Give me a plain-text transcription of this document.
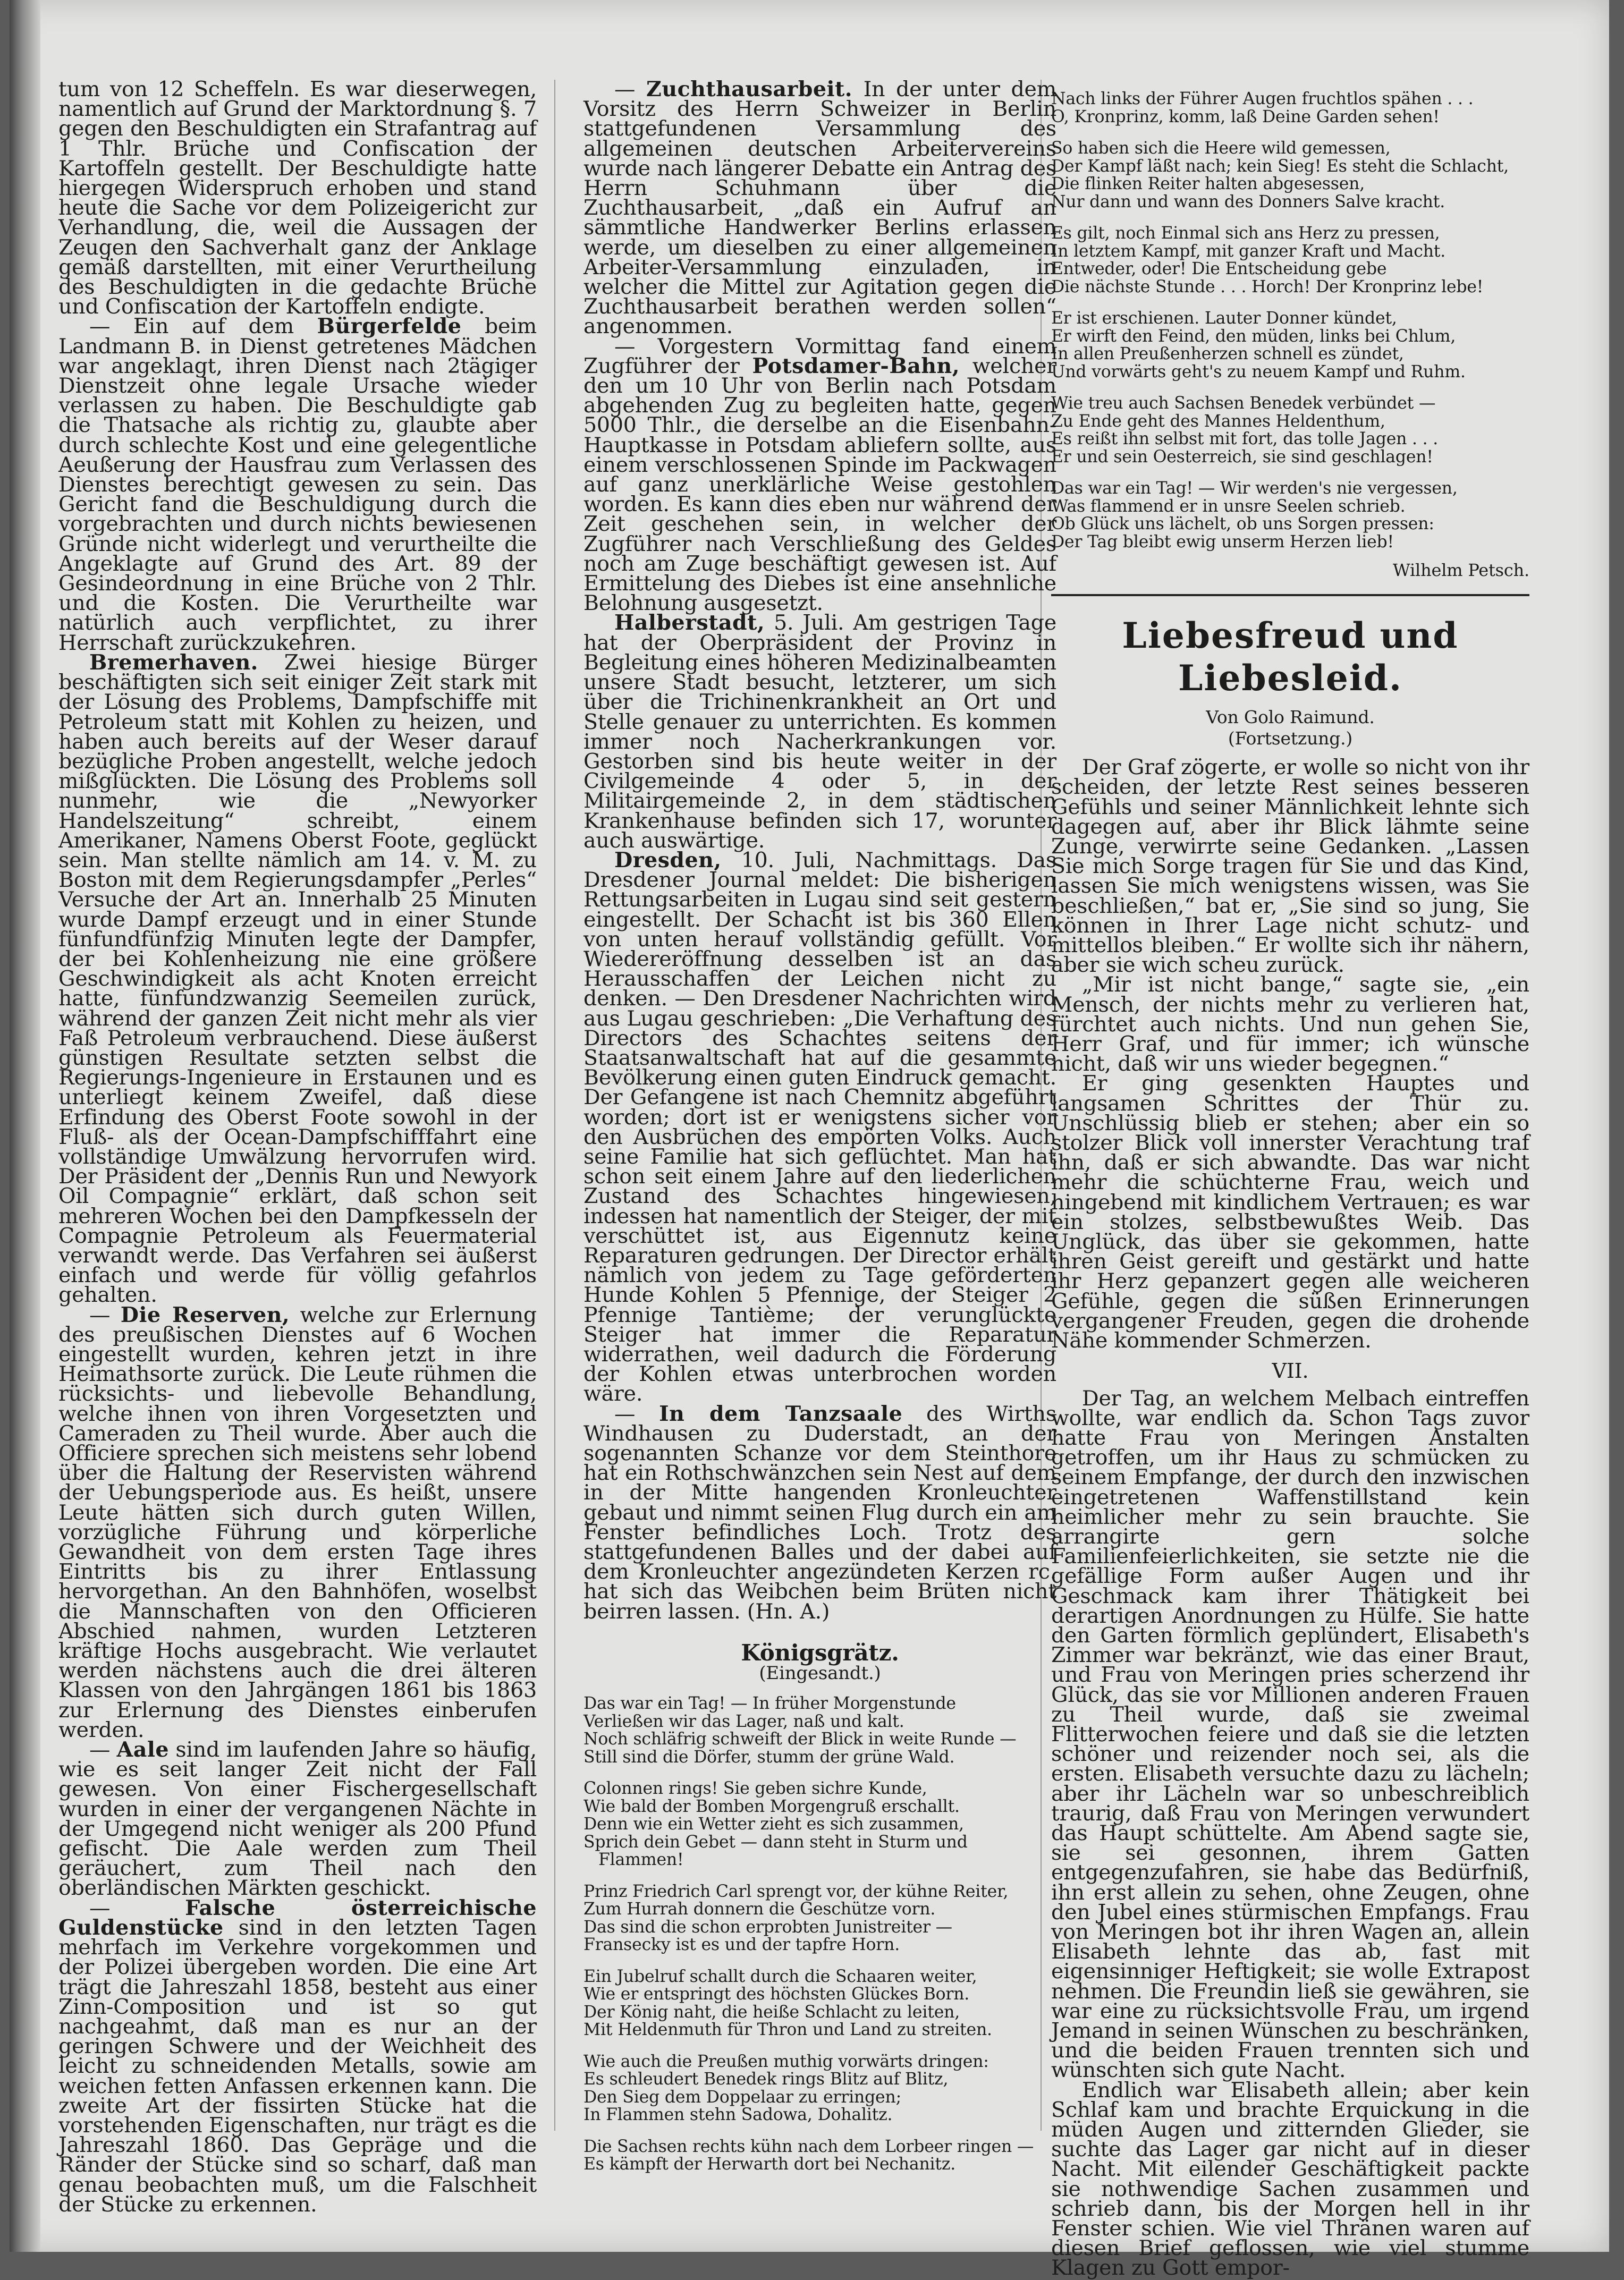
tum von 12 Scheffeln. Es war dieserwegen, namentlich auf Grund der Marktordnung §. 7 gegen den Beschuldigten ein Strafantrag auf 1 Thlr. Brüche und Confiscation der Kartoffeln gestellt. Der Beschuldigte hatte hiergegen Widerspruch erhoben und stand heute die Sache vor dem Polizeigericht zur Verhandlung, die, weil die Aussagen der Zeugen den Sachverhalt ganz der Anklage gemäß darstellten, mit einer Verurtheilung des Beschuldigten in die gedachte Brüche und Confiscation der Kartoffeln endigte.

— Ein auf dem Bürgerfelde beim Landmann B. in Dienst getretenes Mädchen war angeklagt, ihren Dienst nach 2tägiger Dienstzeit ohne legale Ursache wieder verlassen zu haben. Die Beschuldigte gab die Thatsache als richtig zu, glaubte aber durch schlechte Kost und eine gelegentliche Aeußerung der Hausfrau zum Verlassen des Dienstes berechtigt gewesen zu sein. Das Gericht fand die Beschuldigung durch die vorgebrachten und durch nichts bewiesenen Gründe nicht widerlegt und verurtheilte die Angeklagte auf Grund des Art. 89 der Gesindeordnung in eine Brüche von 2 Thlr. und die Kosten. Die Verurtheilte war natürlich auch verpflichtet, zu ihrer Herrschaft zurückzukehren.

Bremerhaven. Zwei hiesige Bürger beschäftigten sich seit einiger Zeit stark mit der Lösung des Problems, Dampfschiffe mit Petroleum statt mit Kohlen zu heizen, und haben auch bereits auf der Weser darauf bezügliche Proben angestellt, welche jedoch mißglückten. Die Lösung des Problems soll nunmehr, wie die „Newyorker Handelszeitung“ schreibt, einem Amerikaner, Namens Oberst Foote, geglückt sein. Man stellte nämlich am 14. v. M. zu Boston mit dem Regierungsdampfer „Perles“ Versuche der Art an. Innerhalb 25 Minuten wurde Dampf erzeugt und in einer Stunde fünfundfünfzig Minuten legte der Dampfer, der bei Kohlenheizung nie eine größere Geschwindigkeit als acht Knoten erreicht hatte, fünfundzwanzig Seemeilen zurück, während der ganzen Zeit nicht mehr als vier Faß Petroleum verbrauchend. Diese äußerst günstigen Resultate setzten selbst die Regierungs-Ingenieure in Erstaunen und es unterliegt keinem Zweifel, daß diese Erfindung des Oberst Foote sowohl in der Fluß- als der Ocean-Dampfschifffahrt eine vollständige Umwälzung hervorrufen wird. Der Präsident der „Dennis Run und Newyork Oil Compagnie“ erklärt, daß schon seit mehreren Wochen bei den Dampfkesseln der Compagnie Petroleum als Feuermaterial verwandt werde. Das Verfahren sei äußerst einfach und werde für völlig gefahrlos gehalten.

— Die Reserven, welche zur Erlernung des preußischen Dienstes auf 6 Wochen eingestellt wurden, kehren jetzt in ihre Heimathsorte zurück. Die Leute rühmen die rücksichts- und liebevolle Behandlung, welche ihnen von ihren Vorgesetzten und Cameraden zu Theil wurde. Aber auch die Officiere sprechen sich meistens sehr lobend über die Haltung der Reservisten während der Uebungsperiode aus. Es heißt, unsere Leute hätten sich durch guten Willen, vorzügliche Führung und körperliche Gewandheit von dem ersten Tage ihres Eintritts bis zu ihrer Entlassung hervorgethan. An den Bahnhöfen, woselbst die Mannschaften von den Officieren Abschied nahmen, wurden Letzteren kräftige Hochs ausgebracht. Wie verlautet werden nächstens auch die drei älteren Klassen von den Jahrgängen 1861 bis 1863 zur Erlernung des Dienstes einberufen werden.

— Aale sind im laufenden Jahre so häufig, wie es seit langer Zeit nicht der Fall gewesen. Von einer Fischergesellschaft wurden in einer der vergangenen Nächte in der Umgegend nicht weniger als 200 Pfund gefischt. Die Aale werden zum Theil geräuchert, zum Theil nach den oberländischen Märkten geschickt.

— Falsche österreichische Guldenstücke sind in den letzten Tagen mehrfach im Verkehre vorgekommen und der Polizei übergeben worden. Die eine Art trägt die Jahreszahl 1858, besteht aus einer Zinn-Composition und ist so gut nachgeahmt, daß man es nur an der geringen Schwere und der Weichheit des leicht zu schneidenden Metalls, sowie am weichen fetten Anfassen erkennen kann. Die zweite Art der fissirten Stücke hat die vorstehenden Eigenschaften, nur trägt es die Jahreszahl 1860. Das Gepräge und die Ränder der Stücke sind so scharf, daß man genau beobachten muß, um die Falschheit der Stücke zu erkennen.

— Zuchthausarbeit. In der unter dem Vorsitz des Herrn Schweizer in Berlin stattgefundenen Versammlung des allgemeinen deutschen Arbeitervereins wurde nach längerer Debatte ein Antrag des Herrn Schuhmann über die Zuchthausarbeit, „daß ein Aufruf an sämmtliche Handwerker Berlins erlassen werde, um dieselben zu einer allgemeinen Arbeiter-Versammlung einzuladen, in welcher die Mittel zur Agitation gegen die Zuchthausarbeit berathen werden sollen“ angenommen.

— Vorgestern Vormittag fand einem Zugführer der Potsdamer-Bahn, welcher den um 10 Uhr von Berlin nach Potsdam abgehenden Zug zu begleiten hatte, gegen 5000 Thlr., die derselbe an die Eisenbahn-Hauptkasse in Potsdam abliefern sollte, aus einem verschlossenen Spinde im Packwagen auf ganz unerklärliche Weise gestohlen worden. Es kann dies eben nur während der Zeit geschehen sein, in welcher der Zugführer nach Verschließung des Geldes noch am Zuge beschäftigt gewesen ist. Auf Ermittelung des Diebes ist eine ansehnliche Belohnung ausgesetzt.

Halberstadt, 5. Juli. Am gestrigen Tage hat der Oberpräsident der Provinz in Begleitung eines höheren Medizinalbeamten unsere Stadt besucht, letzterer, um sich über die Trichinenkrankheit an Ort und Stelle genauer zu unterrichten. Es kommen immer noch Nacherkrankungen vor. Gestorben sind bis heute weiter in der Civilgemeinde 4 oder 5, in der Militairgemeinde 2, in dem städtischen Krankenhause befinden sich 17, worunter auch auswärtige.

Dresden, 10. Juli, Nachmittags. Das Dresdener Journal meldet: Die bisherigen Rettungsarbeiten in Lugau sind seit gestern eingestellt. Der Schacht ist bis 360 Ellen von unten herauf vollständig gefüllt. Vor Wiedereröffnung desselben ist an das Herausschaffen der Leichen nicht zu denken. — Den Dresdener Nachrichten wird aus Lugau geschrieben: „Die Verhaftung des Directors des Schachtes seitens der Staatsanwaltschaft hat auf die gesammte Bevölkerung einen guten Eindruck gemacht. Der Gefangene ist nach Chemnitz abgeführt worden; dort ist er wenigstens sicher vor den Ausbrüchen des empörten Volks. Auch seine Familie hat sich geflüchtet. Man hat schon seit einem Jahre auf den liederlichen Zustand des Schachtes hingewiesen, indessen hat namentlich der Steiger, der mit verschüttet ist, aus Eigennutz keine Reparaturen gedrungen. Der Director erhält nämlich von jedem zu Tage geförderten Hunde Kohlen 5 Pfennige, der Steiger 2 Pfennige Tantième; der verunglückte Steiger hat immer die Reparatur widerrathen, weil dadurch die Förderung der Kohlen etwas unterbrochen worden wäre.

— In dem Tanzsaale des Wirths Windhausen zu Duderstadt, an der sogenannten Schanze vor dem Steinthore hat ein Rothschwänzchen sein Nest auf dem in der Mitte hangenden Kronleuchter gebaut und nimmt seinen Flug durch ein am Fenster befindliches Loch. Trotz des stattgefundenen Balles und der dabei auf dem Kronleuchter angezündeten Kerzen rc. hat sich das Weibchen beim Brüten nicht beirren lassen. (Hn. A.)

Königsgrätz.
(Eingesandt.)
Das war ein Tag! — In früher Morgenstunde
Verließen wir das Lager, naß und kalt.
Noch schläfrig schweift der Blick in weite Runde —
Still sind die Dörfer, stumm der grüne Wald.
Colonnen rings! Sie geben sichre Kunde,
Wie bald der Bomben Morgengruß erschallt.
Denn wie ein Wetter zieht es sich zusammen,
Sprich dein Gebet — dann steht in Sturm und Flammen!
Prinz Friedrich Carl sprengt vor, der kühne Reiter,
Zum Hurrah donnern die Geschütze vorn.
Das sind die schon erprobten Junistreiter —
Fransecky ist es und der tapfre Horn.
Ein Jubelruf schallt durch die Schaaren weiter,
Wie er entspringt des höchsten Glückes Born.
Der König naht, die heiße Schlacht zu leiten,
Mit Heldenmuth für Thron und Land zu streiten.
Wie auch die Preußen muthig vorwärts dringen:
Es schleudert Benedek rings Blitz auf Blitz,
Den Sieg dem Doppelaar zu erringen;
In Flammen stehn Sadowa, Dohalitz.
Die Sachsen rechts kühn nach dem Lorbeer ringen —
Es kämpft der Herwarth dort bei Nechanitz.
Nach links der Führer Augen fruchtlos spähen . . .
O, Kronprinz, komm, laß Deine Garden sehen!
So haben sich die Heere wild gemessen,
Der Kampf läßt nach; kein Sieg! Es steht die Schlacht,
Die flinken Reiter halten abgesessen,
Nur dann und wann des Donners Salve kracht.
Es gilt, noch Einmal sich ans Herz zu pressen,
In letztem Kampf, mit ganzer Kraft und Macht.
Entweder, oder! Die Entscheidung gebe
Die nächste Stunde . . . Horch! Der Kronprinz lebe!
Er ist erschienen. Lauter Donner kündet,
Er wirft den Feind, den müden, links bei Chlum,
In allen Preußenherzen schnell es zündet,
Und vorwärts geht's zu neuem Kampf und Ruhm.
Wie treu auch Sachsen Benedek verbündet —
Zu Ende geht des Mannes Heldenthum,
Es reißt ihn selbst mit fort, das tolle Jagen . . .
Er und sein Oesterreich, sie sind geschlagen!
Das war ein Tag! — Wir werden's nie vergessen,
Was flammend er in unsre Seelen schrieb.
Ob Glück uns lächelt, ob uns Sorgen pressen:
Der Tag bleibt ewig unserm Herzen lieb!
Wilhelm Petsch.
Liebesfreud und Liebesleid.
Von Golo Raimund.
(Fortsetzung.)

Der Graf zögerte, er wolle so nicht von ihr scheiden, der letzte Rest seines besseren Gefühls und seiner Männlichkeit lehnte sich dagegen auf, aber ihr Blick lähmte seine Zunge, verwirrte seine Gedanken. „Lassen Sie mich Sorge tragen für Sie und das Kind, lassen Sie mich wenigstens wissen, was Sie beschließen,“ bat er, „Sie sind so jung, Sie können in Ihrer Lage nicht schutz- und mittellos bleiben.“ Er wollte sich ihr nähern, aber sie wich scheu zurück.

„Mir ist nicht bange,“ sagte sie, „ein Mensch, der nichts mehr zu verlieren hat, fürchtet auch nichts. Und nun gehen Sie, Herr Graf, und für immer; ich wünsche nicht, daß wir uns wieder begegnen.“

Er ging gesenkten Hauptes und langsamen Schrittes der Thür zu. Unschlüssig blieb er stehen; aber ein so stolzer Blick voll innerster Verachtung traf ihn, daß er sich abwandte. Das war nicht mehr die schüchterne Frau, weich und hingebend mit kindlichem Vertrauen; es war ein stolzes, selbstbewußtes Weib. Das Unglück, das über sie gekommen, hatte ihren Geist gereift und gestärkt und hatte ihr Herz gepanzert gegen alle weicheren Gefühle, gegen die süßen Erinnerungen vergangener Freuden, gegen die drohende Nähe kommender Schmerzen.

VII.

Der Tag, an welchem Melbach eintreffen wollte, war endlich da. Schon Tags zuvor hatte Frau von Meringen Anstalten getroffen, um ihr Haus zu schmücken zu seinem Empfange, der durch den inzwischen eingetretenen Waffenstillstand kein heimlicher mehr zu sein brauchte. Sie arrangirte gern solche Familienfeierlichkeiten, sie setzte nie die gefällige Form außer Augen und ihr Geschmack kam ihrer Thätigkeit bei derartigen Anordnungen zu Hülfe. Sie hatte den Garten förmlich geplündert, Elisabeth's Zimmer war bekränzt, wie das einer Braut, und Frau von Meringen pries scherzend ihr Glück, das sie vor Millionen anderen Frauen zu Theil wurde, daß sie zweimal Flitterwochen feiere und daß sie die letzten schöner und reizender noch sei, als die ersten. Elisabeth versuchte dazu zu lächeln; aber ihr Lächeln war so unbeschreiblich traurig, daß Frau von Meringen verwundert das Haupt schüttelte. Am Abend sagte sie, sie sei gesonnen, ihrem Gatten entgegenzufahren, sie habe das Bedürfniß, ihn erst allein zu sehen, ohne Zeugen, ohne den Jubel eines stürmischen Empfangs. Frau von Meringen bot ihr ihren Wagen an, allein Elisabeth lehnte das ab, fast mit eigensinniger Heftigkeit; sie wolle Extrapost nehmen. Die Freundin ließ sie gewähren, sie war eine zu rücksichtsvolle Frau, um irgend Jemand in seinen Wünschen zu beschränken, und die beiden Frauen trennten sich und wünschten sich gute Nacht.

Endlich war Elisabeth allein; aber kein Schlaf kam und brachte Erquickung in die müden Augen und zitternden Glieder, sie suchte das Lager gar nicht auf in dieser Nacht. Mit eilender Geschäftigkeit packte sie nothwendige Sachen zusammen und schrieb dann, bis der Morgen hell in ihr Fenster schien. Wie viel Thränen waren auf diesen Brief geflossen, wie viel stumme Klagen zu Gott empor-
